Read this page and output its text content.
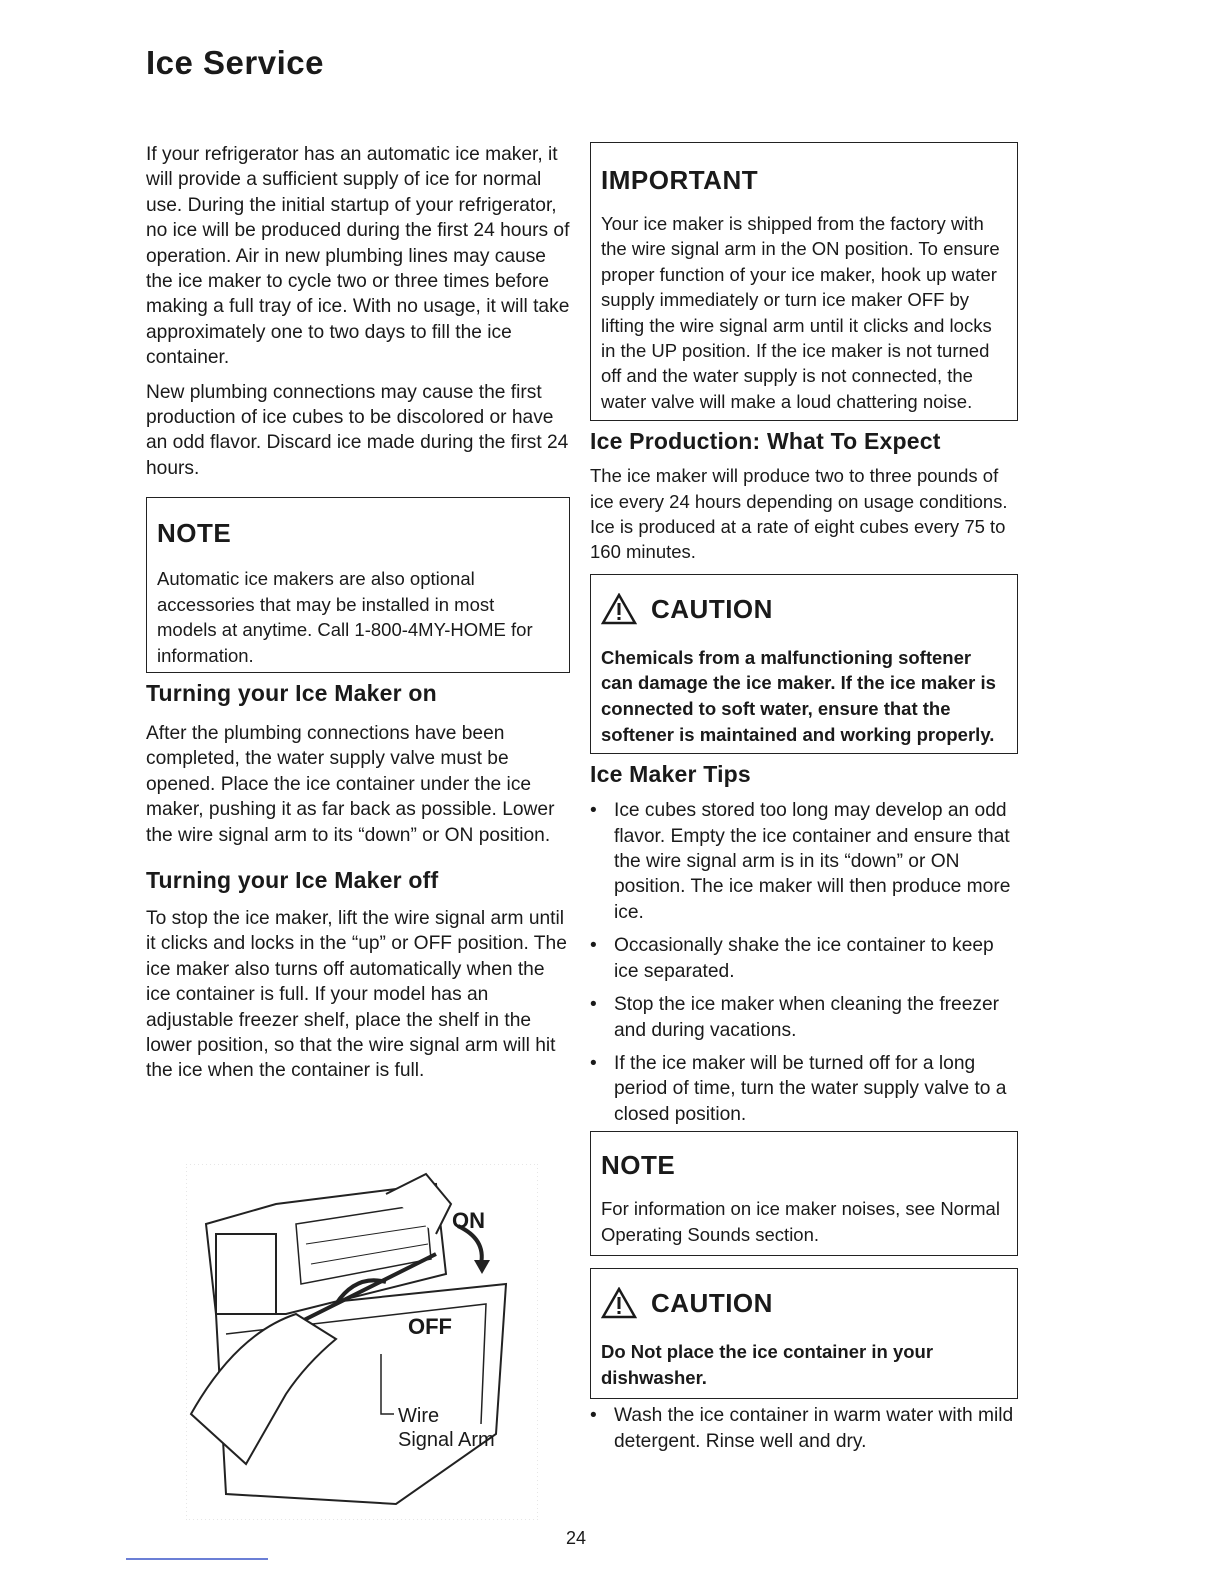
Ice Service

If your refrigerator has an automatic ice maker, it will provide a sufficient supply of ice for normal use. During the initial startup of your refrigerator, no ice will be produced during the first 24 hours of operation. Air in new plumbing lines may cause the ice maker to cycle two or three times before making a full tray of ice. With no usage, it will take approximately one to two days to fill the ice container.

New plumbing connections may cause the first production of ice cubes to be discolored or have an odd flavor. Discard ice made during the first 24 hours.

NOTE

Automatic ice makers are also optional accessories that may be installed in most models at anytime. Call 1-800-4MY-HOME for information.

Turning your Ice Maker on

After the plumbing connections have been completed, the water supply valve must be opened. Place the ice container under the ice maker, pushing it as far back as possible. Lower the wire signal arm to its “down” or ON position.

Turning your Ice Maker off

To stop the ice maker, lift the wire signal arm until it clicks and locks in the “up” or OFF position. The ice maker also turns off automatically when the ice container is full. If your model has an adjustable freezer shelf, place the shelf in the lower position, so that the wire signal arm will hit the ice when the container is full.

ON
OFF
Wire
Signal Arm
IMPORTANT

Your ice maker is shipped from the factory with the wire signal arm in the ON position. To ensure proper function of your ice maker, hook up water supply immediately or turn ice maker OFF by lifting the wire signal arm until it clicks and locks in the UP position. If the ice maker is not turned off and the water supply is not connected, the water valve will make a loud chattering noise.

Ice Production: What To Expect

The ice maker will produce two to three pounds of ice every 24 hours depending on usage conditions. Ice is produced at a rate of eight cubes every 75 to 160 minutes.

CAUTION

Chemicals from a malfunctioning softener can damage the ice maker. If the ice maker is connected to soft water, ensure that the softener is maintained and working properly.

Ice Maker Tips
• Ice cubes stored too long may develop an odd flavor. Empty the ice container and ensure that the wire signal arm is in its “down” or ON position. The ice maker will then produce more ice.
• Occasionally shake the ice container to keep ice separated.
• Stop the ice maker when cleaning the freezer and during vacations.
• If the ice maker will be turned off for a long period of time, turn the water supply valve to a closed position.
NOTE

For information on ice maker noises, see Normal Operating Sounds section.

CAUTION

Do Not place the ice container in your dishwasher.

• Wash the ice container in warm water with mild detergent. Rinse well and dry.
24
